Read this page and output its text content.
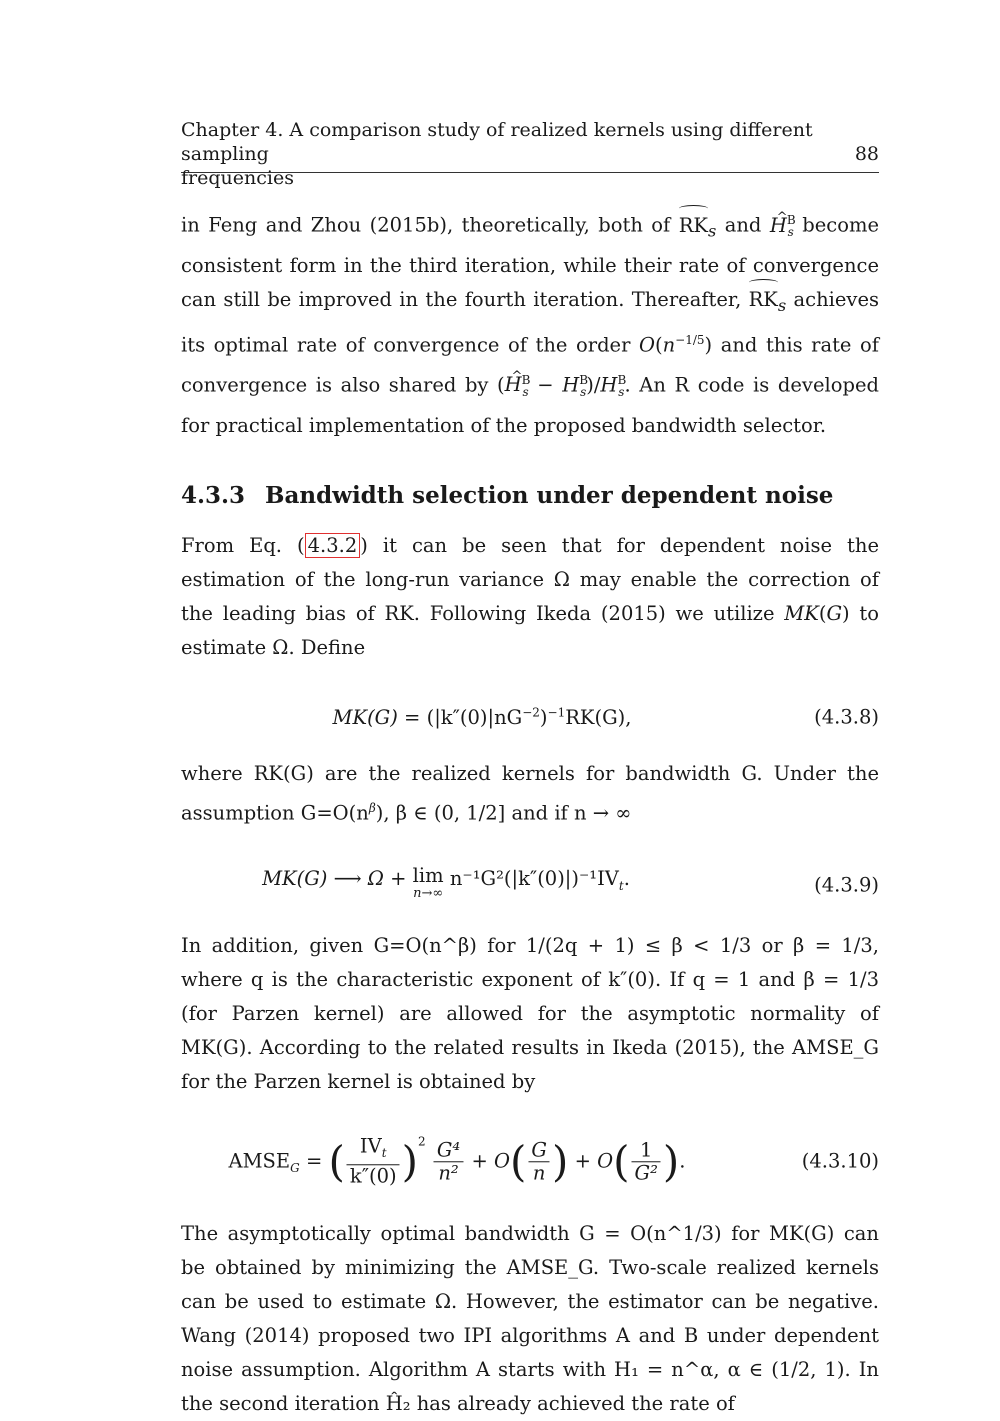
Chapter 4. A comparison study of realized kernels using different sampling
frequencies
88

in Feng and Zhou (2015b), theoretically, both of $RK_s$ and ^ $H^B_s$ become consistent form in the third iteration, while their rate of convergence can still be improved in the fourth iteration. Thereafter, $RK_s$ achieves its optimal rate of convergence of the order $O(n^{-1/5})$ and this rate of convergence is also shared by (^ $H^B_s - H^B_s)/H^B_s$. An R code is developed for practical implementation of the proposed bandwidth selector.

4.3.3 Bandwidth selection under dependent noise

From Eq. ( 4.3.2 ) it can be seen that for dependent noise the estimation of the long-run variance Ω may enable the correction of the leading bias of RK. Following Ikeda (2015) we utilize MK(G) to estimate Ω. Define

$MK(G) = (|k''(0)|nG^{-2})^{-1}RK(G)$,	(4.3.8)

where RK(G) are the realized kernels for bandwidth G. Under the assumption $G=O(n^\beta)$, β ∈ (0, 1/2] and if n → ∞

MK(G) ⟶ Ω + lim
n→∞
$n^{-1}G^2(|k''(0)|)^{-1}IV_t$.	(4.3.9)

In addition, given G=O(n^β) for 1/(2q + 1) ≤ β < 1/3 or β = 1/3, where q is the characteristic exponent of k″(0). If q = 1 and β = 1/3 (for Parzen kernel) are allowed for the asymptotic normality of MK(G). According to the related results in Ikeda (2015), the AMSE_G for the Parzen kernel is obtained by

$AMSE_G$ = ( $\frac{IV_t}{k''(0)} )^2 \frac{\text{G⁴}}{\text{n²}} + O( \frac{G}{n}$ ) + $O( \frac{1}{\text{G²}}$ ).	(4.3.10)

The asymptotically optimal bandwidth G = O(n^1/3) for MK(G) can be obtained by minimizing the AMSE_G. Two-scale realized kernels can be used to estimate Ω. However, the estimator can be negative. Wang (2014) proposed two IPI algorithms A and B under dependent noise assumption. Algorithm A starts with H₁ = n^α, α ∈ (1/2, 1). In the second iteration Ĥ₂ has already achieved the rate of
